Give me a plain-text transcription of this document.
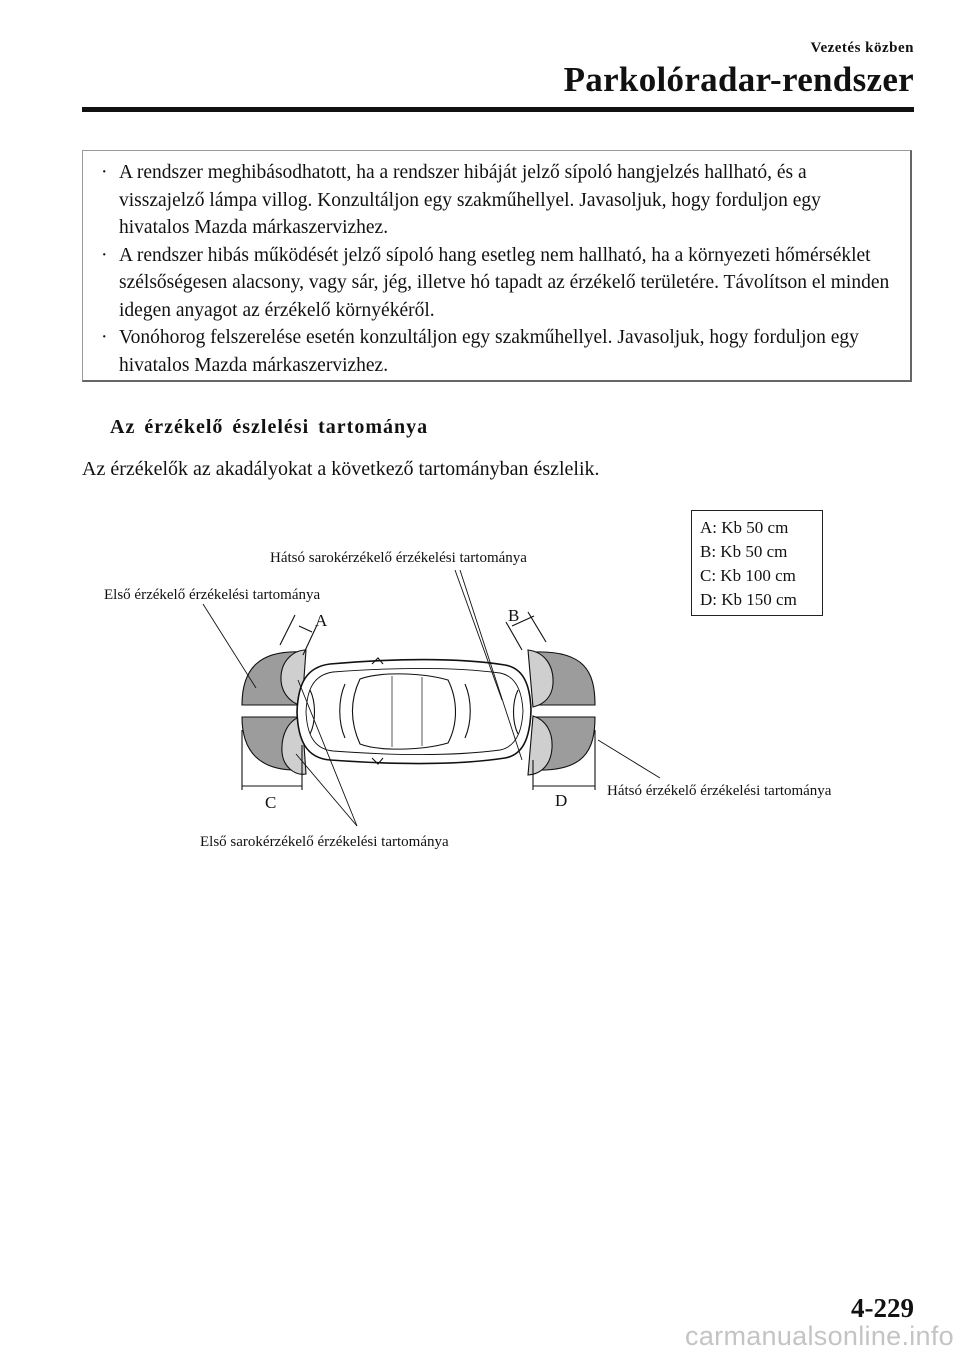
Vezetés közben
Parkolóradar-rendszer
· A rendszer meghibásodhatott, ha a rendszer hibáját jelző sípoló hangjelzés hallható, és a visszajelző lámpa villog. Konzultáljon egy szakműhellyel. Javasoljuk, hogy forduljon egy hivatalos Mazda márkaszervizhez.
· A rendszer hibás működését jelző sípoló hang esetleg nem hallható, ha a környezeti hőmérséklet szélsőségesen alacsony, vagy sár, jég, illetve hó tapadt az érzékelő területére. Távolítson el minden idegen anyagot az érzékelő környékéről.
· Vonóhorog felszerelése esetén konzultáljon egy szakműhellyel. Javasoljuk, hogy forduljon egy hivatalos Mazda márkaszervizhez.
Az érzékelő észlelési tartománya
Az érzékelők az akadályokat a következő tartományban észlelik.
Hátsó sarokérzékelő érzékelési tartománya
Első érzékelő érzékelési tartománya
Hátsó érzékelő érzékelési tartománya
Első sarokérzékelő érzékelési tartománya
A	B
C	D
A: Kb 50 cm
B: Kb 50 cm
C: Kb 100 cm
D: Kb 150 cm
4-229
carmanualsonline.info
